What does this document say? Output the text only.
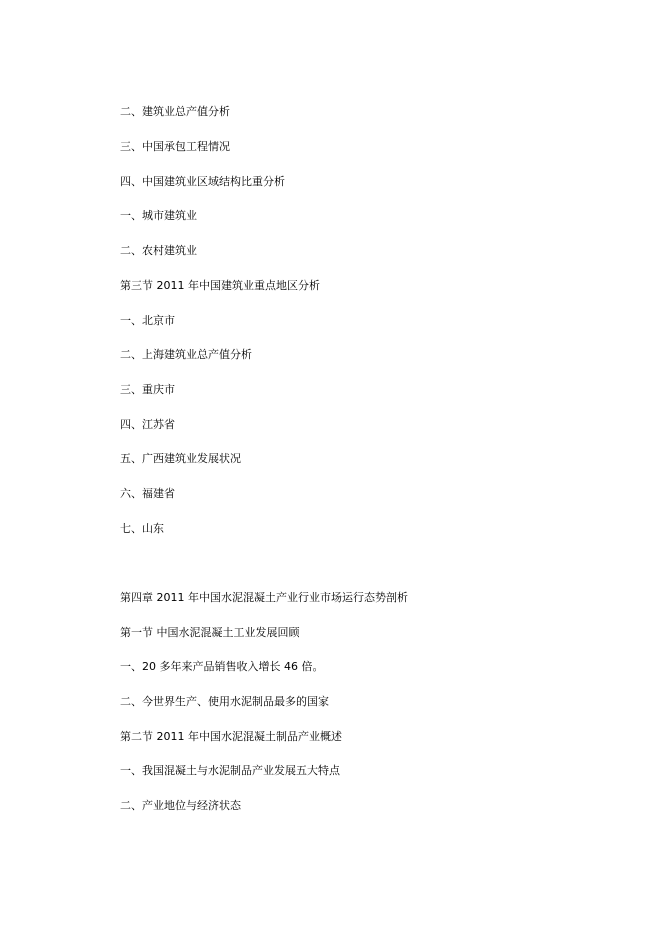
二、建筑业总产值分析
三、中国承包工程情况
四、中国建筑业区域结构比重分析
一、城市建筑业
二、农村建筑业
第三节 2011 年中国建筑业重点地区分析
一、北京市
二、上海建筑业总产值分析
三、重庆市
四、江苏省
五、广西建筑业发展状况
六、福建省
七、山东
第四章 2011 年中国水泥混凝土产业行业市场运行态势剖析
第一节 中国水泥混凝土工业发展回顾
一、20 多年来产品销售收入增长 46 倍。
二、今世界生产、使用水泥制品最多的国家
第二节 2011 年中国水泥混凝土制品产业概述
一、我国混凝土与水泥制品产业发展五大特点
二、产业地位与经济状态
